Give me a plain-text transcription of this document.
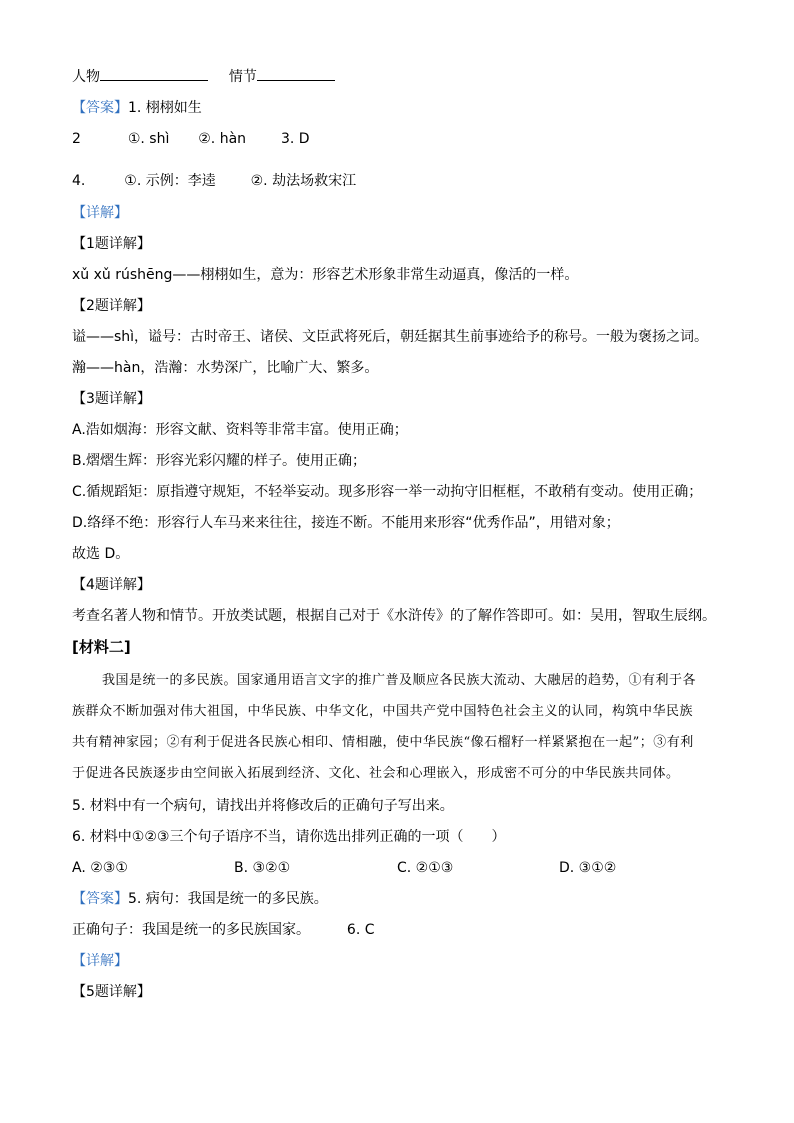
人物	情节
【答案】1. 栩栩如生
2	①. shì ②. hàn 3. D
4.	①. 示例：李逵 ②. 劫法场救宋江
【详解】
【1题详解】
xǔ xǔ rúshēng——栩栩如生，意为：形容艺术形象非常生动逼真，像活的一样。
【2题详解】
谥——shì，谥号：古时帝王、诸侯、文臣武将死后，朝廷据其生前事迹给予的称号。一般为褒扬之词。
瀚——hàn，浩瀚：水势深广，比喻广大、繁多。
【3题详解】
A.浩如烟海：形容文献、资料等非常丰富。使用正确；
B.熠熠生辉：形容光彩闪耀的样子。使用正确；
C.循规蹈矩：原指遵守规矩，不轻举妄动。现多形容一举一动拘守旧框框，不敢稍有变动。使用正确；
D.络绎不绝：形容行人车马来来往往，接连不断。不能用来形容“优秀作品”，用错对象；
故选 D。
【4题详解】
考查名著人物和情节。开放类试题，根据自己对于《水浒传》的了解作答即可。如：吴用，智取生辰纲。
[材料二]
我国是统一的多民族。国家通用语言文字的推广普及顺应各民族大流动、大融居的趋势，①有利于各
族群众不断加强对伟大祖国，中华民族、中华文化，中国共产党中国特色社会主义的认同，构筑中华民族
共有精神家园；②有利于促进各民族心相印、情相融，使中华民族“像石榴籽一样紧紧抱在一起”；③有利
于促进各民族逐步由空间嵌入拓展到经济、文化、社会和心理嵌入，形成密不可分的中华民族共同体。
5. 材料中有一个病句，请找出并将修改后的正确句子写出来。
6. 材料中①②③三个句子语序不当，请你选出排列正确的一项（　　）
A. ②③①	B. ③②①	C. ②①③	D. ③①②
【答案】5. 病句：我国是统一的多民族。
正确句子：我国是统一的多民族国家。	6. C
【详解】
【5题详解】
